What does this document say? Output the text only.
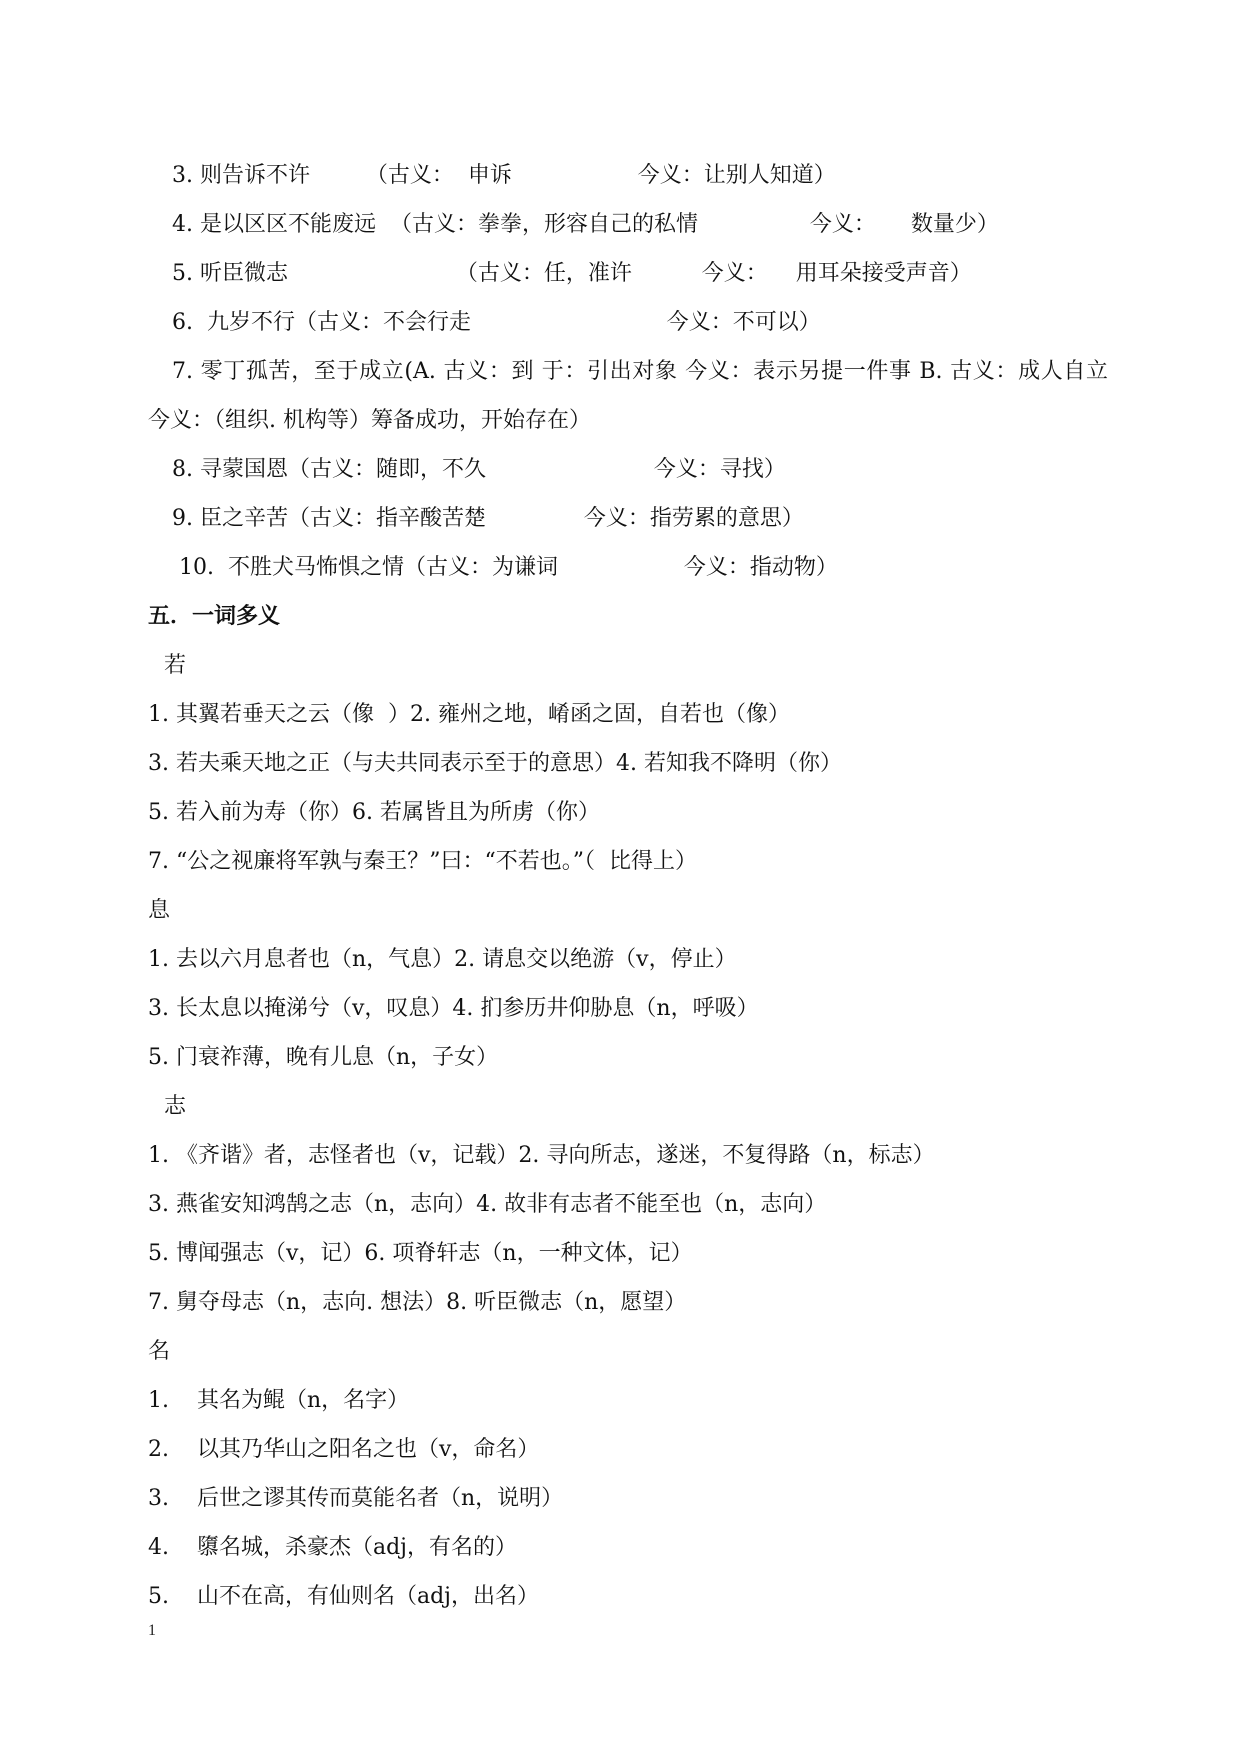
3. 则告诉不许        （古义：  申诉                  今义：让别人知道）
4. 是以区区不能废远  （古义：拳拳，形容自己的私情                今义：     数量少）
5. 听臣微志                        （古义：任，准许          今义：    用耳朵接受声音）
6.  九岁不行（古义：不会行走                            今义：不可以）
7. 零丁孤苦，至于成立(A. 古义：到 于：引出对象 今义：表示另提一件事 B. 古义：成人自立 今义：（组织. 机构等）筹备成功，开始存在）
8. 寻蒙国恩（古义：随即，不久                        今义：寻找）
9. 臣之辛苦（古义：指辛酸苦楚              今义：指劳累的意思）
10.  不胜犬马怖惧之情（古义：为谦词                  今义：指动物）
五．一词多义
若
1. 其翼若垂天之云（像  ）2. 雍州之地，崤函之固，自若也（像）
3. 若夫乘天地之正（与夫共同表示至于的意思）4. 若知我不降明（你）
5. 若入前为寿（你）6. 若属皆且为所虏（你）
7. “公之视廉将军孰与秦王？”曰：“不若也。”（  比得上）
息
1. 去以六月息者也（n，气息）2. 请息交以绝游（v，停止）
3. 长太息以掩涕兮（v，叹息）4. 扪参历井仰胁息（n，呼吸）
5. 门衰祚薄，晚有儿息（n，子女）
志
1. 《齐谐》者，志怪者也（v，记载）2. 寻向所志，遂迷，不复得路（n，标志）
3. 燕雀安知鸿鹄之志（n，志向）4. 故非有志者不能至也（n，志向）
5. 博闻强志（v，记）6. 项脊轩志（n，一种文体，记）
7. 舅夺母志（n，志向. 想法）8. 听臣微志（n，愿望）
名
1.    其名为鲲（n，名字）
2.    以其乃华山之阳名之也（v，命名）
3.    后世之谬其传而莫能名者（n，说明）
4.    隳名城，杀豪杰（adj，有名的）
5.    山不在高，有仙则名（adj，出名）
1
